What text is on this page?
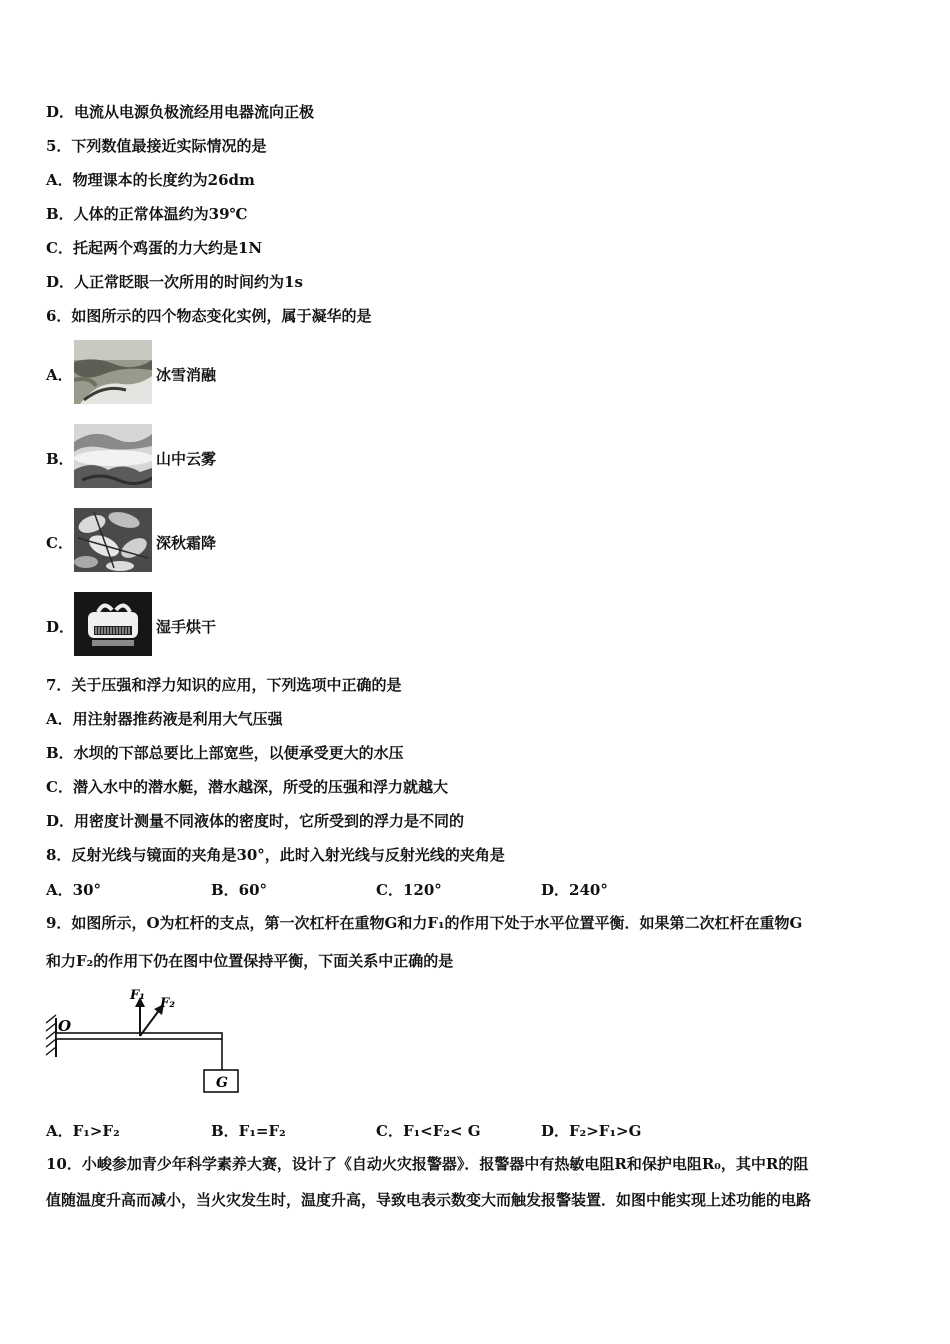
D．电流从电源负极流经用电器流向正极
5．下列数值最接近实际情况的是
A．物理课本的长度约为26dm
B．人体的正常体温约为39℃
C．托起两个鸡蛋的力大约是1N
D．人正常眨眼一次所用的时间约为1s
6．如图所示的四个物态变化实例，属于凝华的是
A．	冰雪消融
B．	山中云雾
C．	深秋霜降
D．	湿手烘干
7．关于压强和浮力知识的应用，下列选项中正确的是
A．用注射器推药液是利用大气压强
B．水坝的下部总要比上部宽些，以便承受更大的水压
C．潜入水中的潜水艇，潜水越深，所受的压强和浮力就越大
D．用密度计测量不同液体的密度时，它所受到的浮力是不同的
8．反射光线与镜面的夹角是30°，此时入射光线与反射光线的夹角是
A．30°	B．60°	C．120°	D．240°
9．如图所示，O为杠杆的支点，第一次杠杆在重物G和力F₁的作用下处于水平位置平衡．如果第二次杠杆在重物G
和力F₂的作用下仍在图中位置保持平衡，下面关系中正确的是
O
F₁
F₂
G
A．F₁>F₂	B．F₁=F₂	C．F₁<F₂< G	D．F₂>F₁>G
10．小峻参加青少年科学素养大赛，设计了《自动火灾报警器》．报警器中有热敏电阻R和保护电阻R₀，其中R的阻
值随温度升高而减小，当火灾发生时，温度升高，导致电表示数变大而触发报警装置．如图中能实现上述功能的电路
